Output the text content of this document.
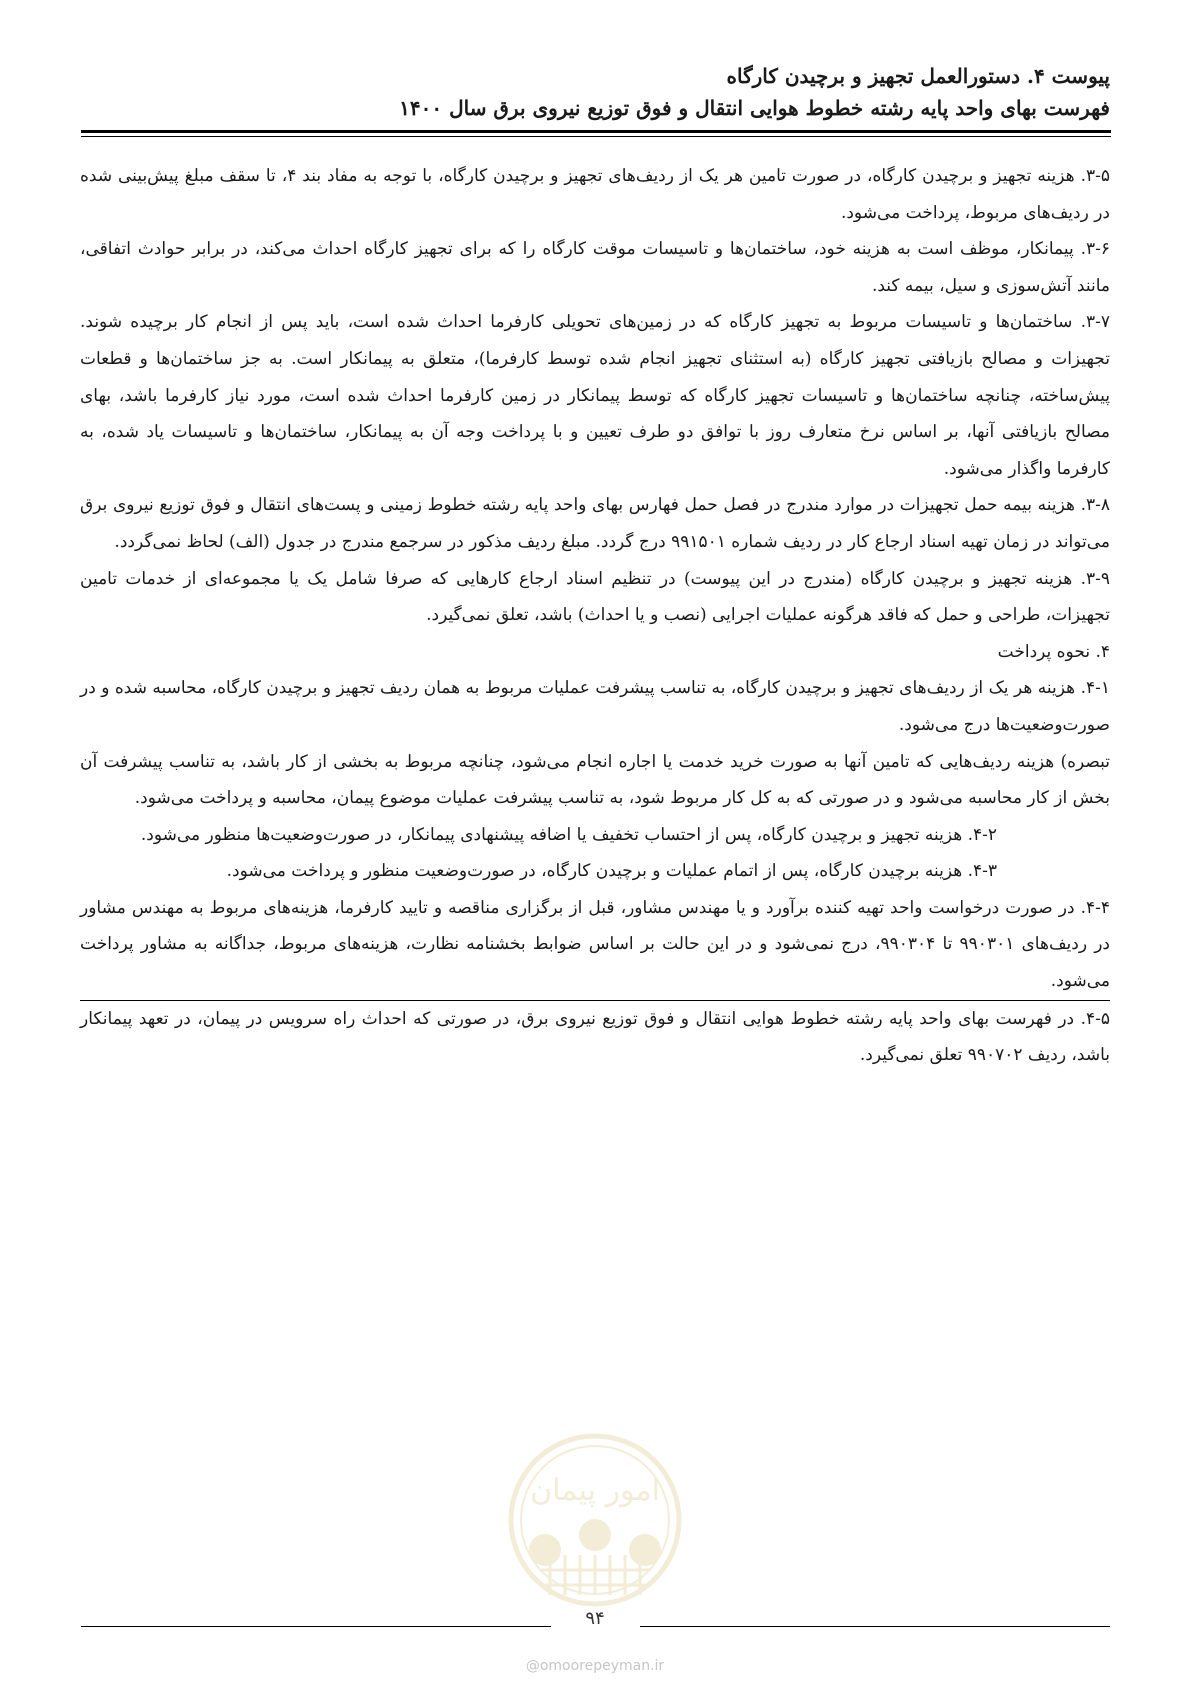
پیوست ۴. دستورالعمل تجهیز و برچیدن کارگاه
فهرست بهای واحد پایه رشته خطوط هوایی انتقال و فوق توزیع نیروی برق سال ۱۴۰۰

۳-۵. هزینه تجهیز و برچیدن کارگاه، در صورت تامین هر یک از ردیف‌های تجهیز و برچیدن کارگاه، با توجه به مفاد بند ۴، تا سقف مبلغ پیش‌بینی شده در ردیف‌های مربوط، پرداخت می‌شود.

۳-۶. پیمانکار، موظف است به هزینه خود، ساختمان‌ها و تاسیسات موقت کارگاه را که برای تجهیز کارگاه احداث می‌کند، در برابر حوادث اتفاقی، مانند آتش‌سوزی و سیل، بیمه کند.

۳-۷. ساختمان‌ها و تاسیسات مربوط به تجهیز کارگاه که در زمین‌های تحویلی کارفرما احداث شده است، باید پس از انجام کار برچیده شوند. تجهیزات و مصالح بازیافتی تجهیز کارگاه (به استثنای تجهیز انجام شده توسط کارفرما)، متعلق به پیمانکار است. به جز ساختمان‌ها و قطعات پیش‌ساخته، چنانچه ساختمان‌ها و تاسیسات تجهیز کارگاه که توسط پیمانکار در زمین کارفرما احداث شده است، مورد نیاز کارفرما باشد، بهای مصالح بازیافتی آنها، بر اساس نرخ متعارف روز با توافق دو طرف تعیین و با پرداخت وجه آن به پیمانکار، ساختمان‌ها و تاسیسات یاد شده، به کارفرما واگذار می‌شود.

۳-۸. هزینه بیمه حمل تجهیزات در موارد مندرج در فصل حمل فهارس بهای واحد پایه رشته خطوط زمینی و پست‌های انتقال و فوق توزیع نیروی برق می‌تواند در زمان تهیه اسناد ارجاع کار در ردیف شماره ۹۹۱۵۰۱ درج گردد. مبلغ ردیف مذکور در سرجمع مندرج در جدول (الف) لحاظ نمی‌گردد.

۳-۹. هزینه تجهیز و برچیدن کارگاه (مندرج در این پیوست) در تنظیم اسناد ارجاع کارهایی که صرفا شامل یک یا مجموعه‌ای از خدمات تامین تجهیزات، طراحی و حمل که فاقد هرگونه عملیات اجرایی (نصب و یا احداث) باشد، تعلق نمی‌گیرد.

۴. نحوه پرداخت

۴-۱. هزینه هر یک از ردیف‌های تجهیز و برچیدن کارگاه، به تناسب پیشرفت عملیات مربوط به همان ردیف تجهیز و برچیدن کارگاه، محاسبه شده و در صورت‌وضعیت‌ها درج می‌شود.

تبصره) هزینه ردیف‌هایی که تامین آنها به صورت خرید خدمت یا اجاره انجام می‌شود، چنانچه مربوط به بخشی از کار باشد، به تناسب پیشرفت آن بخش از کار محاسبه می‌شود و در صورتی که به کل کار مربوط شود، به تناسب پیشرفت عملیات موضوع پیمان، محاسبه و پرداخت می‌شود.

۴-۲. هزینه تجهیز و برچیدن کارگاه، پس از احتساب تخفیف یا اضافه پیشنهادی پیمانکار، در صورت‌وضعیت‌ها منظور می‌شود.

۴-۳. هزینه برچیدن کارگاه، پس از اتمام عملیات و برچیدن کارگاه، در صورت‌وضعیت منظور و پرداخت می‌شود.

۴-۴. در صورت درخواست واحد تهیه کننده برآورد و یا مهندس مشاور، قبل از برگزاری مناقصه و تایید کارفرما، هزینه‌های مربوط به مهندس مشاور در ردیف‌های ۹۹۰۳۰۱ تا ۹۹۰۳۰۴، درج نمی‌شود و در این حالت بر اساس ضوابط بخشنامه نظارت، هزینه‌های مربوط، جداگانه به مشاور پرداخت می‌شود.

۴-۵. در فهرست بهای واحد پایه رشته خطوط هوایی انتقال و فوق توزیع نیروی برق، در صورتی که احداث راه سرویس در پیمان، در تعهد پیمانکار باشد، ردیف ۹۹۰۷۰۲ تعلق نمی‌گیرد.

امور پیمان
۹۴
@omoorepeyman.ir
